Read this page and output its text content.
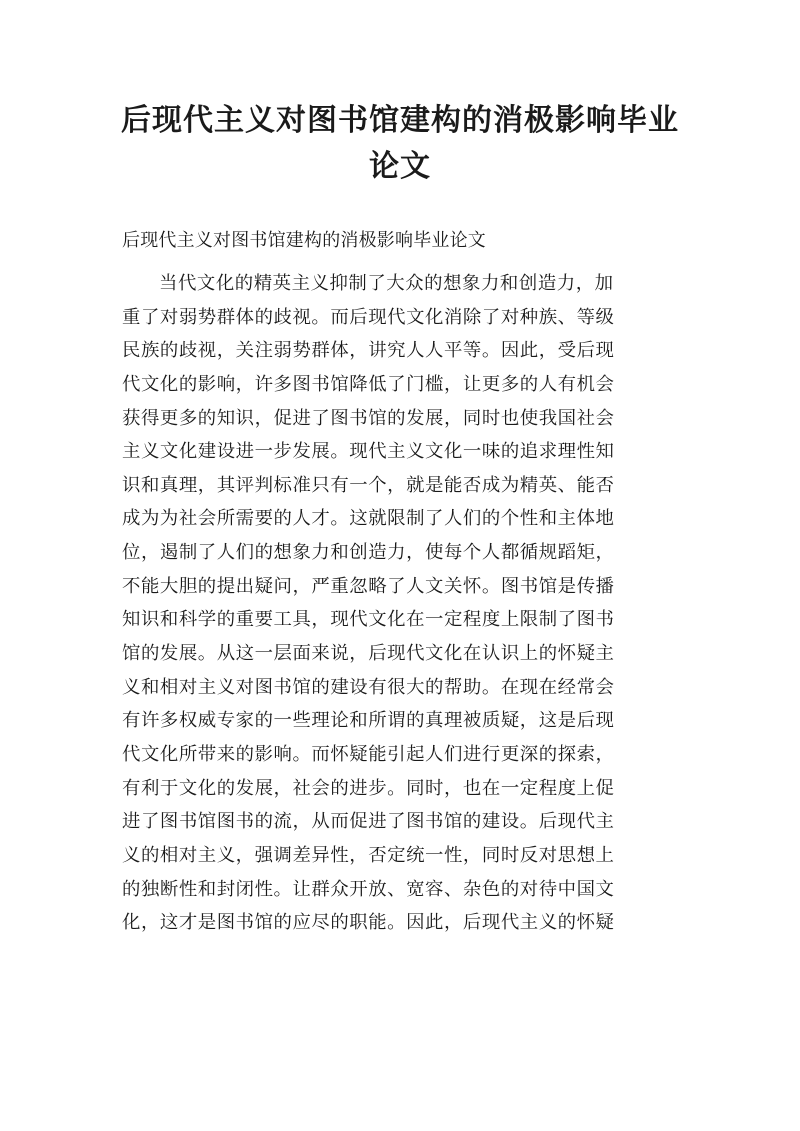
后现代主义对图书馆建构的消极影响毕业
论文

后现代主义对图书馆建构的消极影响毕业论文

当代文化的精英主义抑制了大众的想象力和创造力，加
重了对弱势群体的歧视。而后现代文化消除了对种族、等级
民族的歧视，关注弱势群体，讲究人人平等。因此，受后现
代文化的影响，许多图书馆降低了门槛，让更多的人有机会
获得更多的知识，促进了图书馆的发展，同时也使我国社会
主义文化建设进一步发展。现代主义文化一味的追求理性知
识和真理，其评判标准只有一个，就是能否成为精英、能否
成为为社会所需要的人才。这就限制了人们的个性和主体地
位，遏制了人们的想象力和创造力，使每个人都循规蹈矩，
不能大胆的提出疑问，严重忽略了人文关怀。图书馆是传播
知识和科学的重要工具，现代文化在一定程度上限制了图书
馆的发展。从这一层面来说，后现代文化在认识上的怀疑主
义和相对主义对图书馆的建设有很大的帮助。在现在经常会
有许多权威专家的一些理论和所谓的真理被质疑，这是后现
代文化所带来的影响。而怀疑能引起人们进行更深的探索，
有利于文化的发展，社会的进步。同时，也在一定程度上促
进了图书馆图书的流，从而促进了图书馆的建设。后现代主
义的相对主义，强调差异性，否定统一性，同时反对思想上
的独断性和封闭性。让群众开放、宽容、杂色的对待中国文
化，这才是图书馆的应尽的职能。因此，后现代主义的怀疑
